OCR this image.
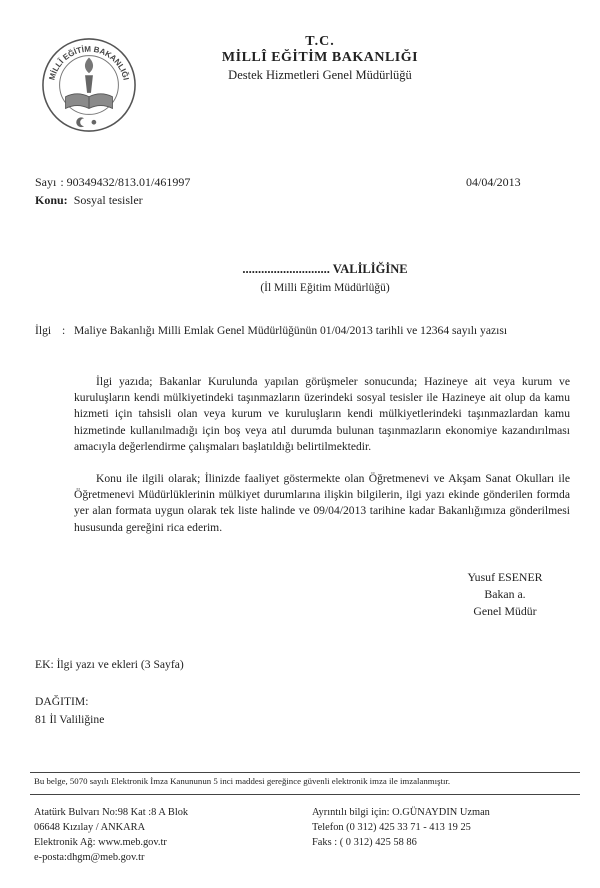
MİLLÎ EĞİTİM BAKANLIĞI
T.C.
MİLLÎ EĞİTİM BAKANLIĞI
Destek Hizmetleri Genel Müdürlüğü
Sayı : 90349432/813.01/461997	04/04/2013
Konu: Sosyal tesisler
............................ VALİLİĞİNE
(İl Milli Eğitim Müdürlüğü)
İlgi : Maliye Bakanlığı Milli Emlak Genel Müdürlüğünün 01/04/2013 tarihli ve 12364 sayılı yazısı

İlgi yazıda; Bakanlar Kurulunda yapılan görüşmeler sonucunda; Hazineye ait veya kurum ve kuruluşların kendi mülkiyetindeki taşınmazların üzerindeki sosyal tesisler ile Hazineye ait olup da kamu hizmeti için tahsisli olan veya kurum ve kuruluşların kendi mülkiyetlerindeki taşınmazlardan kamu hizmetinde kullanılmadığı için boş veya atıl durumda bulunan taşınmazların ekonomiye kazandırılması amacıyla değerlendirme çalışmaları başlatıldığı belirtilmektedir.

Konu ile ilgili olarak; İlinizde faaliyet göstermekte olan Öğretmenevi ve Akşam Sanat Okulları ile Öğretmenevi Müdürlüklerinin mülkiyet durumlarına ilişkin bilgilerin, ilgi yazı ekinde gönderilen formda yer alan formata uygun olarak tek liste halinde ve 09/04/2013 tarihine kadar Bakanlığımıza gönderilmesi hususunda gereğini rica ederim.

Yusuf ESENER
Bakan a.
Genel Müdür
EK: İlgi yazı ve ekleri (3 Sayfa)
DAĞITIM:
81 İl Valiliğine
Bu belge, 5070 sayılı Elektronik İmza Kanununun 5 inci maddesi gereğince güvenli elektronik imza ile imzalanmıştır.
Atatürk Bulvarı No:98 Kat :8 A Blok
06648 Kızılay / ANKARA
Elektronik Ağ: www.meb.gov.tr
e-posta:dhgm@meb.gov.tr
Ayrıntılı bilgi için: O.GÜNAYDIN Uzman
Telefon (0 312) 425 33 71 - 413 19 25
Faks : ( 0 312) 425 58 86
